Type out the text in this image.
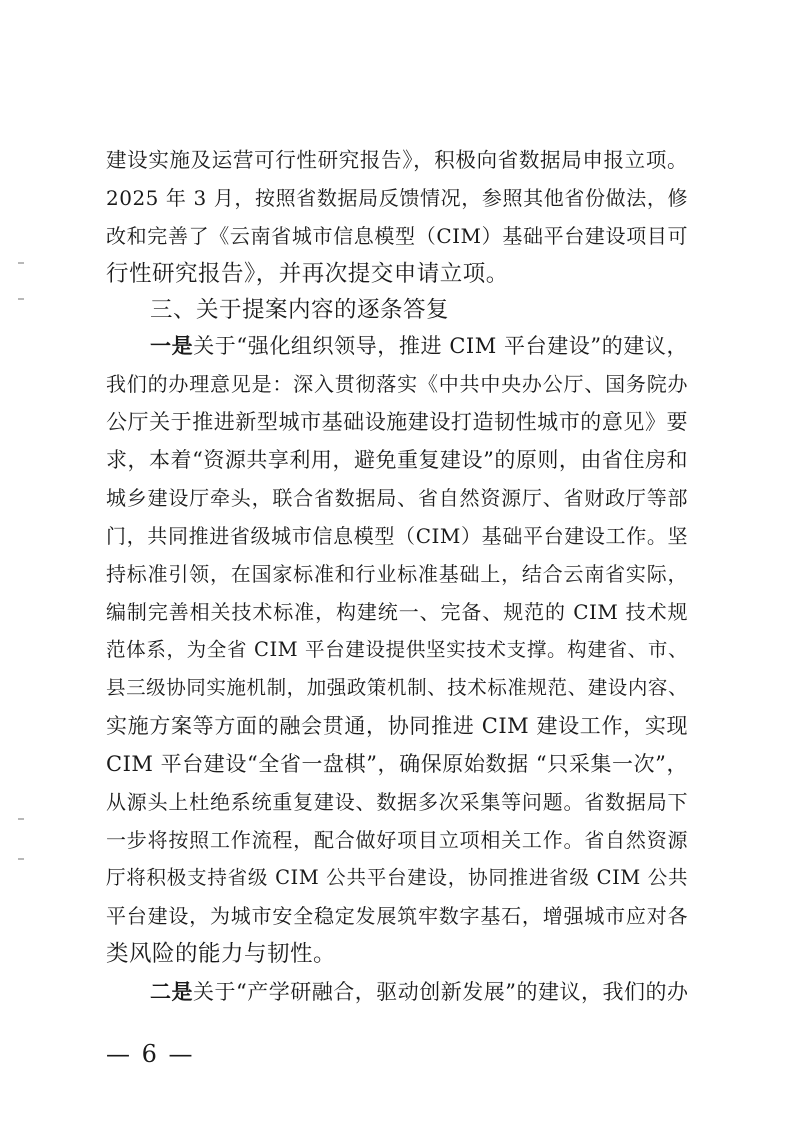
建设实施及运营可行性研究报告》，积极向省数据局申报立项。
2025 年 3 月，按照省数据局反馈情况，参照其他省份做法，修
改和完善了《云南省城市信息模型（CIM）基础平台建设项目可
行性研究报告》，并再次提交申请立项。
三、关于提案内容的逐条答复
一是关于“强化组织领导，推进 CIM 平台建设”的建议，
我们的办理意见是：深入贯彻落实《中共中央办公厅、国务院办
公厅关于推进新型城市基础设施建设打造韧性城市的意见》要
求，本着“资源共享利用，避免重复建设”的原则，由省住房和
城乡建设厅牵头，联合省数据局、省自然资源厅、省财政厅等部
门，共同推进省级城市信息模型（CIM）基础平台建设工作。坚
持标准引领，在国家标准和行业标准基础上，结合云南省实际，
编制完善相关技术标准，构建统一、完备、规范的 CIM 技术规
范体系，为全省 CIM 平台建设提供坚实技术支撑。构建省、市、
县三级协同实施机制，加强政策机制、技术标准规范、建设内容、
实施方案等方面的融会贯通，协同推进 CIM 建设工作，实现
CIM 平台建设“全省一盘棋”，确保原始数据 “只采集一次”，
从源头上杜绝系统重复建设、数据多次采集等问题。省数据局下
一步将按照工作流程，配合做好项目立项相关工作。省自然资源
厅将积极支持省级 CIM 公共平台建设，协同推进省级 CIM 公共
平台建设，为城市安全稳定发展筑牢数字基石，增强城市应对各
类风险的能力与韧性。
二是关于“产学研融合，驱动创新发展”的建议，我们的办
— 6 —
